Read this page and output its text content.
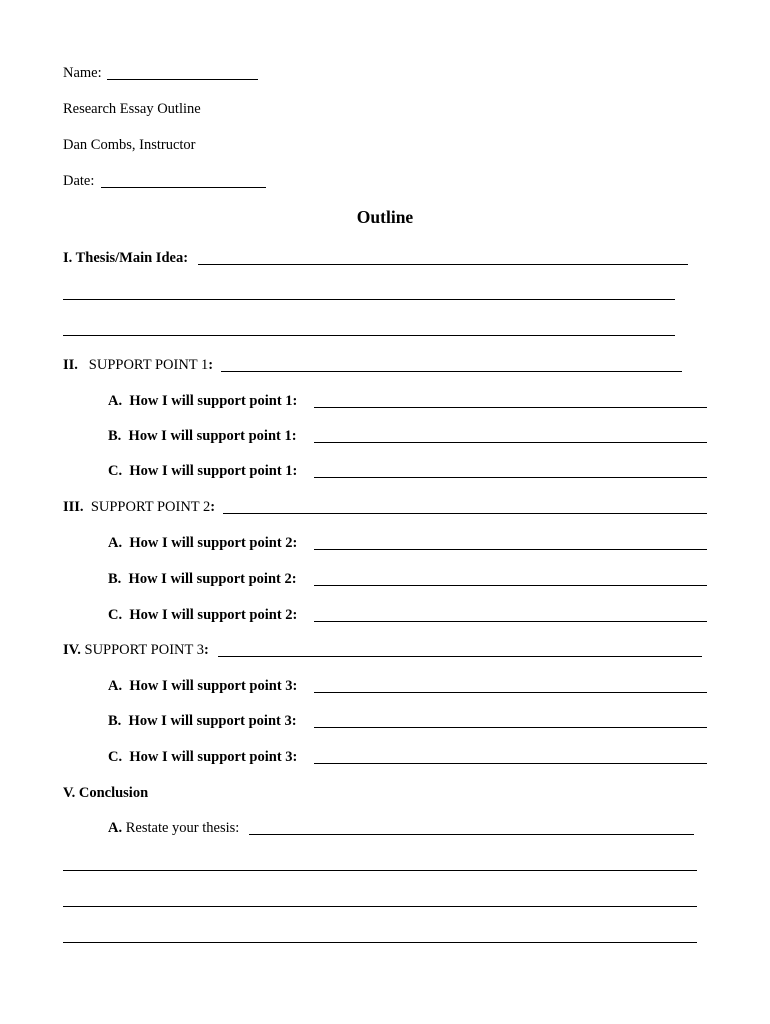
Name:
Research Essay Outline
Dan Combs, Instructor
Date:
Outline
I. Thesis/Main Idea:
II. SUPPORT POINT 1:
A. How I will support point 1:
B. How I will support point 1:
C. How I will support point 1:
III. SUPPORT POINT 2:
A. How I will support point 2:
B. How I will support point 2:
C. How I will support point 2:
IV. SUPPORT POINT 3:
A. How I will support point 3:
B. How I will support point 3:
C. How I will support point 3:
V. Conclusion
A. Restate your thesis:
